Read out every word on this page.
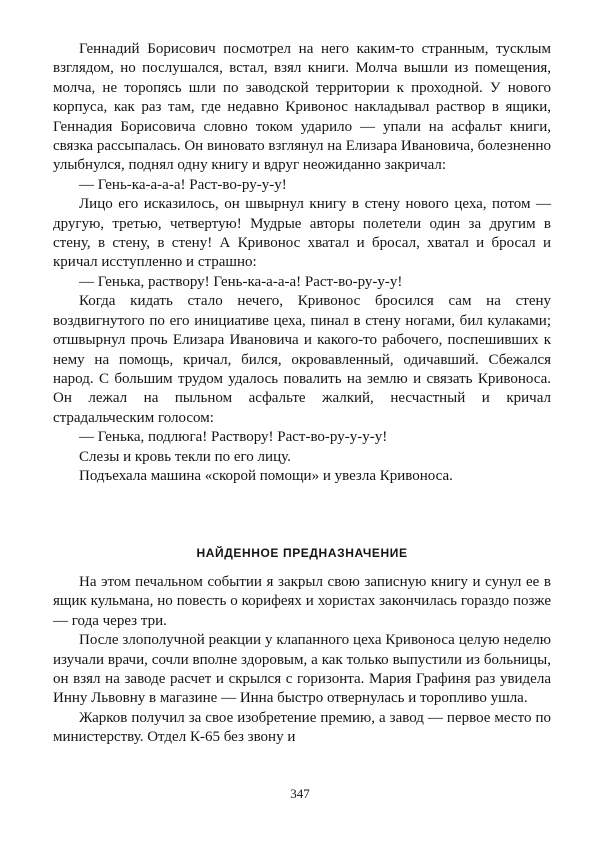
Геннадий Борисович посмотрел на него каким-то странным, тусклым взглядом, но послушался, встал, взял книги. Молча вышли из помещения, молча, не торопясь шли по заводской территории к проходной. У нового корпуса, как раз там, где недавно Кривонос накладывал раствор в ящики, Геннадия Борисовича словно током ударило — упали на асфальт книги, связка рассыпалась. Он виновато взглянул на Елизара Ивановича, болезненно улыбнулся, поднял одну книгу и вдруг неожиданно закричал:

— Гень-ка-а-а-а! Раст-во-ру-у-у!

Лицо его исказилось, он швырнул книгу в стену нового цеха, потом — другую, третью, четвертую! Мудрые авторы полетели один за другим в стену, в стену, в стену! А Кривонос хватал и бросал, хватал и бросал и кричал исступленно и страшно:

— Генька, раствору! Гень-ка-а-а-а! Раст-во-ру-у-у!

Когда кидать стало нечего, Кривонос бросился сам на стену воздвигнутого по его инициативе цеха, пинал в стену ногами, бил кулаками; отшвырнул прочь Елизара Ивановича и какого-то рабочего, поспешивших к нему на помощь, кричал, бился, окровавленный, одичавший. Сбежался народ. С большим трудом удалось повалить на землю и связать Кривоноса. Он лежал на пыльном асфальте жалкий, несчастный и кричал страдальческим голосом:

— Генька, подлюга! Раствору! Раст-во-ру-у-у-у!

Слезы и кровь текли по его лицу.

Подъехала машина «скорой помощи» и увезла Кривоноса.

НАЙДЕННОЕ ПРЕДНАЗНАЧЕНИЕ

На этом печальном событии я закрыл свою записную книгу и сунул ее в ящик кульмана, но повесть о корифеях и хористах закончилась гораздо позже — года через три.

После злополучной реакции у клапанного цеха Кривоноса целую неделю изучали врачи, сочли вполне здоровым, а как только выпустили из больницы, он взял на заводе расчет и скрылся с горизонта. Мария Графиня раз увидела Инну Львовну в магазине — Инна быстро отвернулась и торопливо ушла.

Жарков получил за свое изобретение премию, а завод — первое место по министерству. Отдел К-65 без звону и

347
